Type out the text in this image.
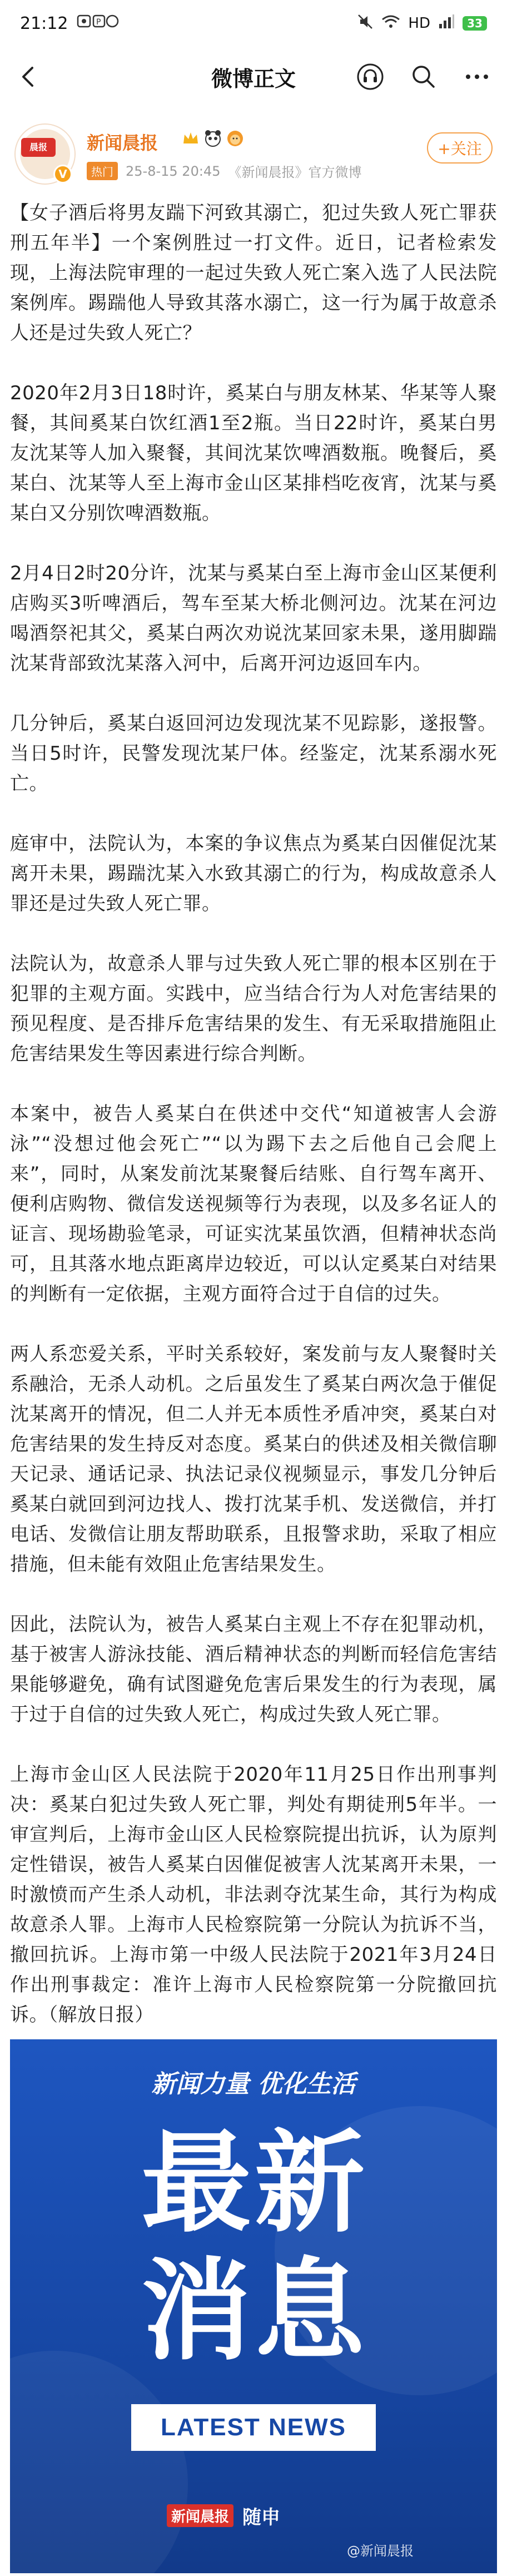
21:12	P	HD	33
微博正文
晨报
V
新闻晨报
热门 25-8-15 20:45 《新闻晨报》官方微博
+关注

【女子酒后将男友踹下河致其溺亡，犯过失致人死亡罪获刑五年半】一个案例胜过一打文件。近日，记者检索发现，上海法院审理的一起过失致人死亡案入选了人民法院案例库。踢踹他人导致其落水溺亡，这一行为属于故意杀人还是过失致人死亡？

2020年2月3日18时许，奚某白与朋友林某、华某等人聚餐，其间奚某白饮红酒1至2瓶。当日22时许，奚某白男友沈某等人加入聚餐，其间沈某饮啤酒数瓶。晚餐后，奚某白、沈某等人至上海市金山区某排档吃夜宵，沈某与奚某白又分别饮啤酒数瓶。

2月4日2时20分许，沈某与奚某白至上海市金山区某便利店购买3听啤酒后，驾车至某大桥北侧河边。沈某在河边喝酒祭祀其父，奚某白两次劝说沈某回家未果，遂用脚踹沈某背部致沈某落入河中，后离开河边返回车内。

几分钟后，奚某白返回河边发现沈某不见踪影，遂报警。当日5时许，民警发现沈某尸体。经鉴定，沈某系溺水死亡。

庭审中，法院认为，本案的争议焦点为奚某白因催促沈某离开未果，踢踹沈某入水致其溺亡的行为，构成故意杀人罪还是过失致人死亡罪。

法院认为，故意杀人罪与过失致人死亡罪的根本区别在于犯罪的主观方面。实践中，应当结合行为人对危害结果的预见程度、是否排斥危害结果的发生、有无采取措施阻止危害结果发生等因素进行综合判断。

本案中，被告人奚某白在供述中交代“知道被害人会游泳”“没想过他会死亡”“以为踢下去之后他自己会爬上来”，同时，从案发前沈某聚餐后结账、自行驾车离开、便利店购物、微信发送视频等行为表现，以及多名证人的证言、现场勘验笔录，可证实沈某虽饮酒，但精神状态尚可，且其落水地点距离岸边较近，可以认定奚某白对结果的判断有一定依据，主观方面符合过于自信的过失。

两人系恋爱关系，平时关系较好，案发前与友人聚餐时关系融洽，无杀人动机。之后虽发生了奚某白两次急于催促沈某离开的情况，但二人并无本质性矛盾冲突，奚某白对危害结果的发生持反对态度。奚某白的供述及相关微信聊天记录、通话记录、执法记录仪视频显示，事发几分钟后奚某白就回到河边找人、拨打沈某手机、发送微信，并打电话、发微信让朋友帮助联系，且报警求助，采取了相应措施，但未能有效阻止危害结果发生。

因此，法院认为，被告人奚某白主观上不存在犯罪动机，基于被害人游泳技能、酒后精神状态的判断而轻信危害结果能够避免，确有试图避免危害后果发生的行为表现，属于过于自信的过失致人死亡，构成过失致人死亡罪。

上海市金山区人民法院于2020年11月25日作出刑事判决：奚某白犯过失致人死亡罪，判处有期徒刑5年半。一审宣判后，上海市金山区人民检察院提出抗诉，认为原判定性错误，被告人奚某白因催促被害人沈某离开未果，一时激愤而产生杀人动机，非法剥夺沈某生命，其行为构成故意杀人罪。上海市人民检察院第一分院认为抗诉不当，撤回抗诉。上海市第一中级人民法院于2021年3月24日作出刑事裁定：准许上海市人民检察院第一分院撤回抗诉。（解放日报）

新闻力量 优化生活
最 新
消 息
LATEST NEWS
新闻晨报 随申
@新闻晨报
